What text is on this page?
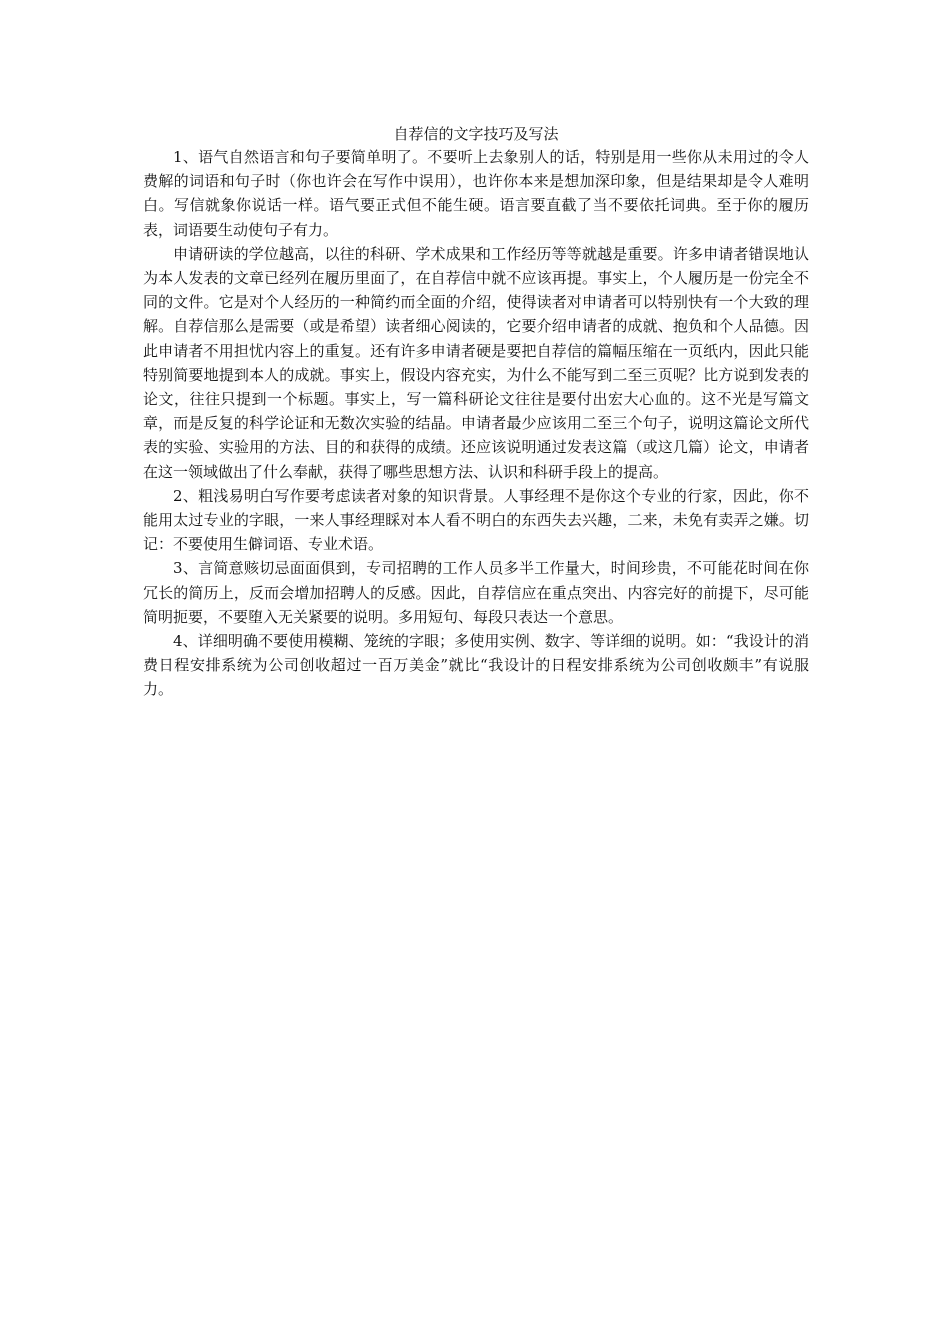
自荐信的文字技巧及写法

1、语气自然语言和句子要简单明了。不要听上去象别人的话，特别是用一些你从未用过的令人费解的词语和句子时（你也许会在写作中误用），也许你本来是想加深印象，但是结果却是令人难明白。写信就象你说话一样。语气要正式但不能生硬。语言要直截了当不要依托词典。至于你的履历表，词语要生动使句子有力。

申请研读的学位越高，以往的科研、学术成果和工作经历等等就越是重要。许多申请者错误地认为本人发表的文章已经列在履历里面了，在自荐信中就不应该再提。事实上，个人履历是一份完全不同的文件。它是对个人经历的一种简约而全面的介绍，使得读者对申请者可以特别快有一个大致的理解。自荐信那么是需要（或是希望）读者细心阅读的，它要介绍申请者的成就、抱负和个人品德。因此申请者不用担忧内容上的重复。还有许多申请者硬是要把自荐信的篇幅压缩在一页纸内，因此只能特别简要地提到本人的成就。事实上，假设内容充实，为什么不能写到二至三页呢？比方说到发表的论文，往往只提到一个标题。事实上，写一篇科研论文往往是要付出宏大心血的。这不光是写篇文章，而是反复的科学论证和无数次实验的结晶。申请者最少应该用二至三个句子，说明这篇论文所代表的实验、实验用的方法、目的和获得的成绩。还应该说明通过发表这篇（或这几篇）论文，申请者在这一领域做出了什么奉献，获得了哪些思想方法、认识和科研手段上的提高。

2、粗浅易明白写作要考虑读者对象的知识背景。人事经理不是你这个专业的行家，因此，你不能用太过专业的字眼，一来人事经理睬对本人看不明白的东西失去兴趣，二来，未免有卖弄之嫌。切记：不要使用生僻词语、专业术语。

3、言简意赅切忌面面俱到，专司招聘的工作人员多半工作量大，时间珍贵，不可能花时间在你冗长的简历上，反而会增加招聘人的反感。因此，自荐信应在重点突出、内容完好的前提下，尽可能简明扼要，不要堕入无关紧要的说明。多用短句、每段只表达一个意思。

4、详细明确不要使用模糊、笼统的字眼；多使用实例、数字、等详细的说明。如：“我设计的消费日程安排系统为公司创收超过一百万美金”就比“我设计的日程安排系统为公司创收颇丰”有说服力。
